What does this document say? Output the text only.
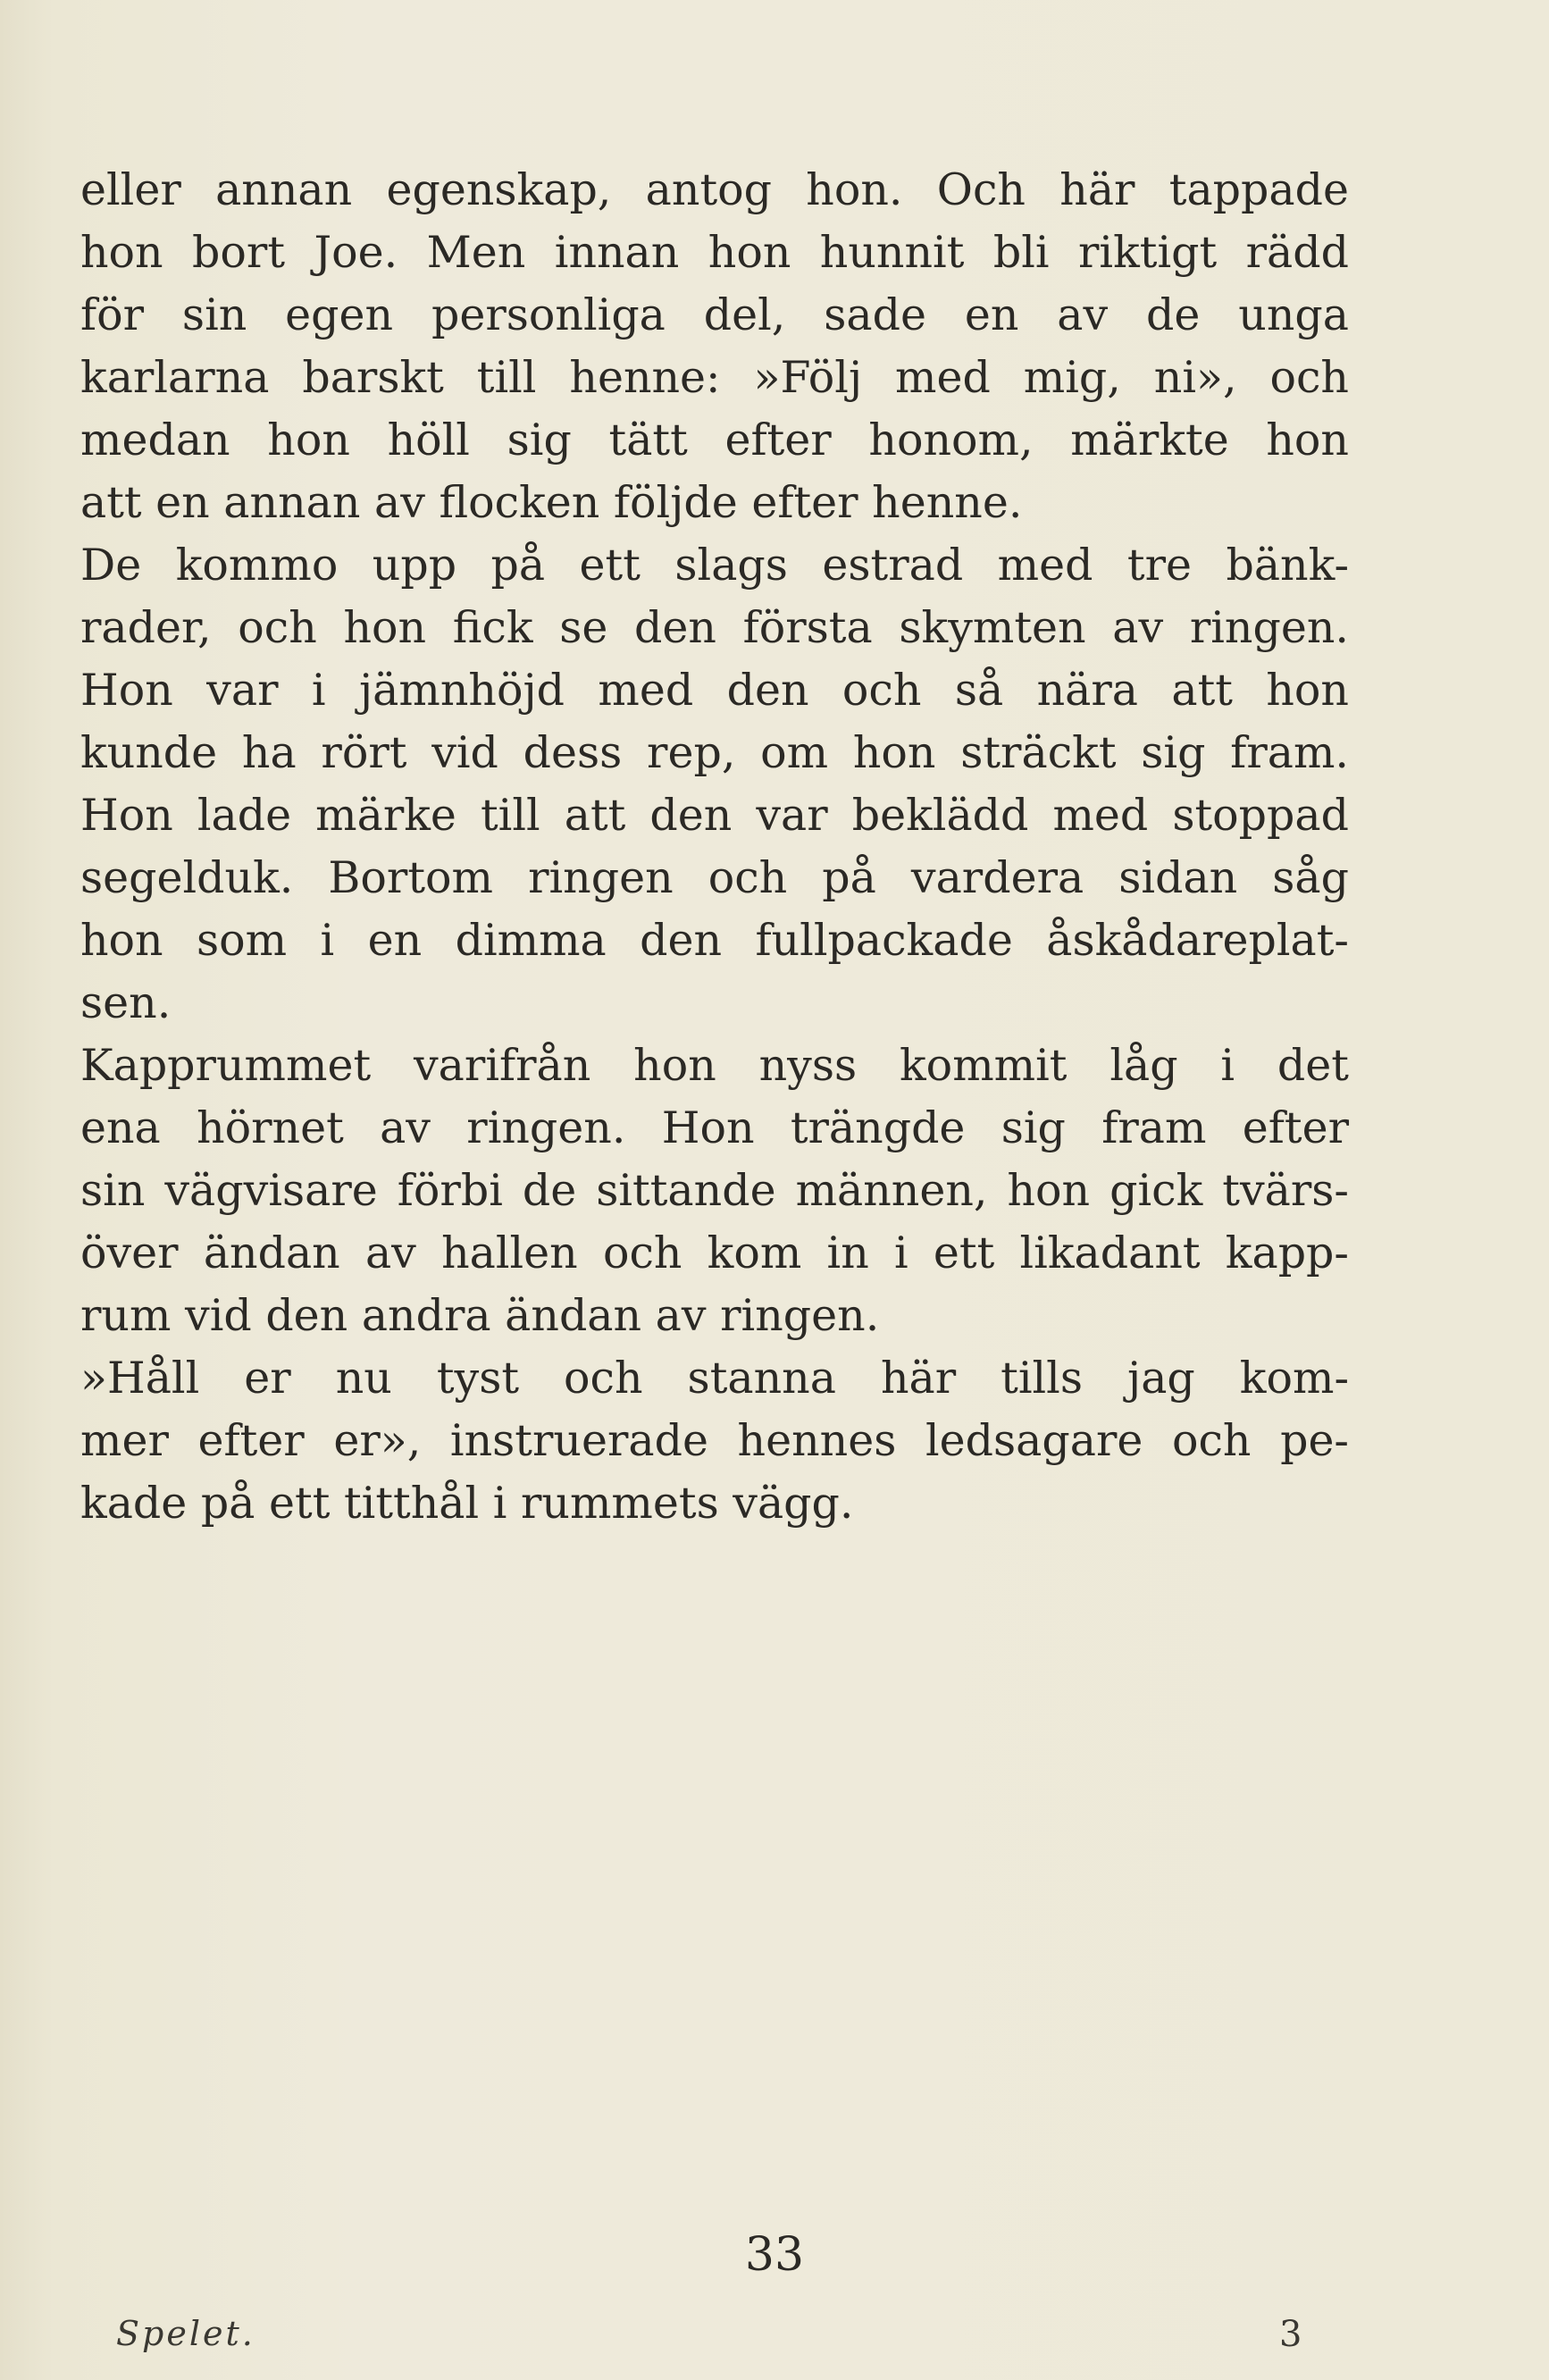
eller annan egenskap, antog hon. Och här tappade
hon bort Joe. Men innan hon hunnit bli riktigt rädd
för sin egen personliga del, sade en av de unga
karlarna barskt till henne: »Följ med mig, ni», och
medan hon höll sig tätt efter honom, märkte hon
att en annan av flocken följde efter henne.
De kommo upp på ett slags estrad med tre bänk-
rader, och hon fick se den första skymten av ringen.
Hon var i jämnhöjd med den och så nära att hon
kunde ha rört vid dess rep, om hon sträckt sig fram.
Hon lade märke till att den var beklädd med stoppad
segelduk. Bortom ringen och på vardera sidan såg
hon som i en dimma den fullpackade åskådareplat-
sen.
Kapprummet varifrån hon nyss kommit låg i det
ena hörnet av ringen. Hon trängde sig fram efter
sin vägvisare förbi de sittande männen, hon gick tvärs-
över ändan av hallen och kom in i ett likadant kapp-
rum vid den andra ändan av ringen.
»Håll er nu tyst och stanna här tills jag kom-
mer efter er», instruerade hennes ledsagare och pe-
kade på ett titthål i rummets vägg.
33
Spelet.	3
